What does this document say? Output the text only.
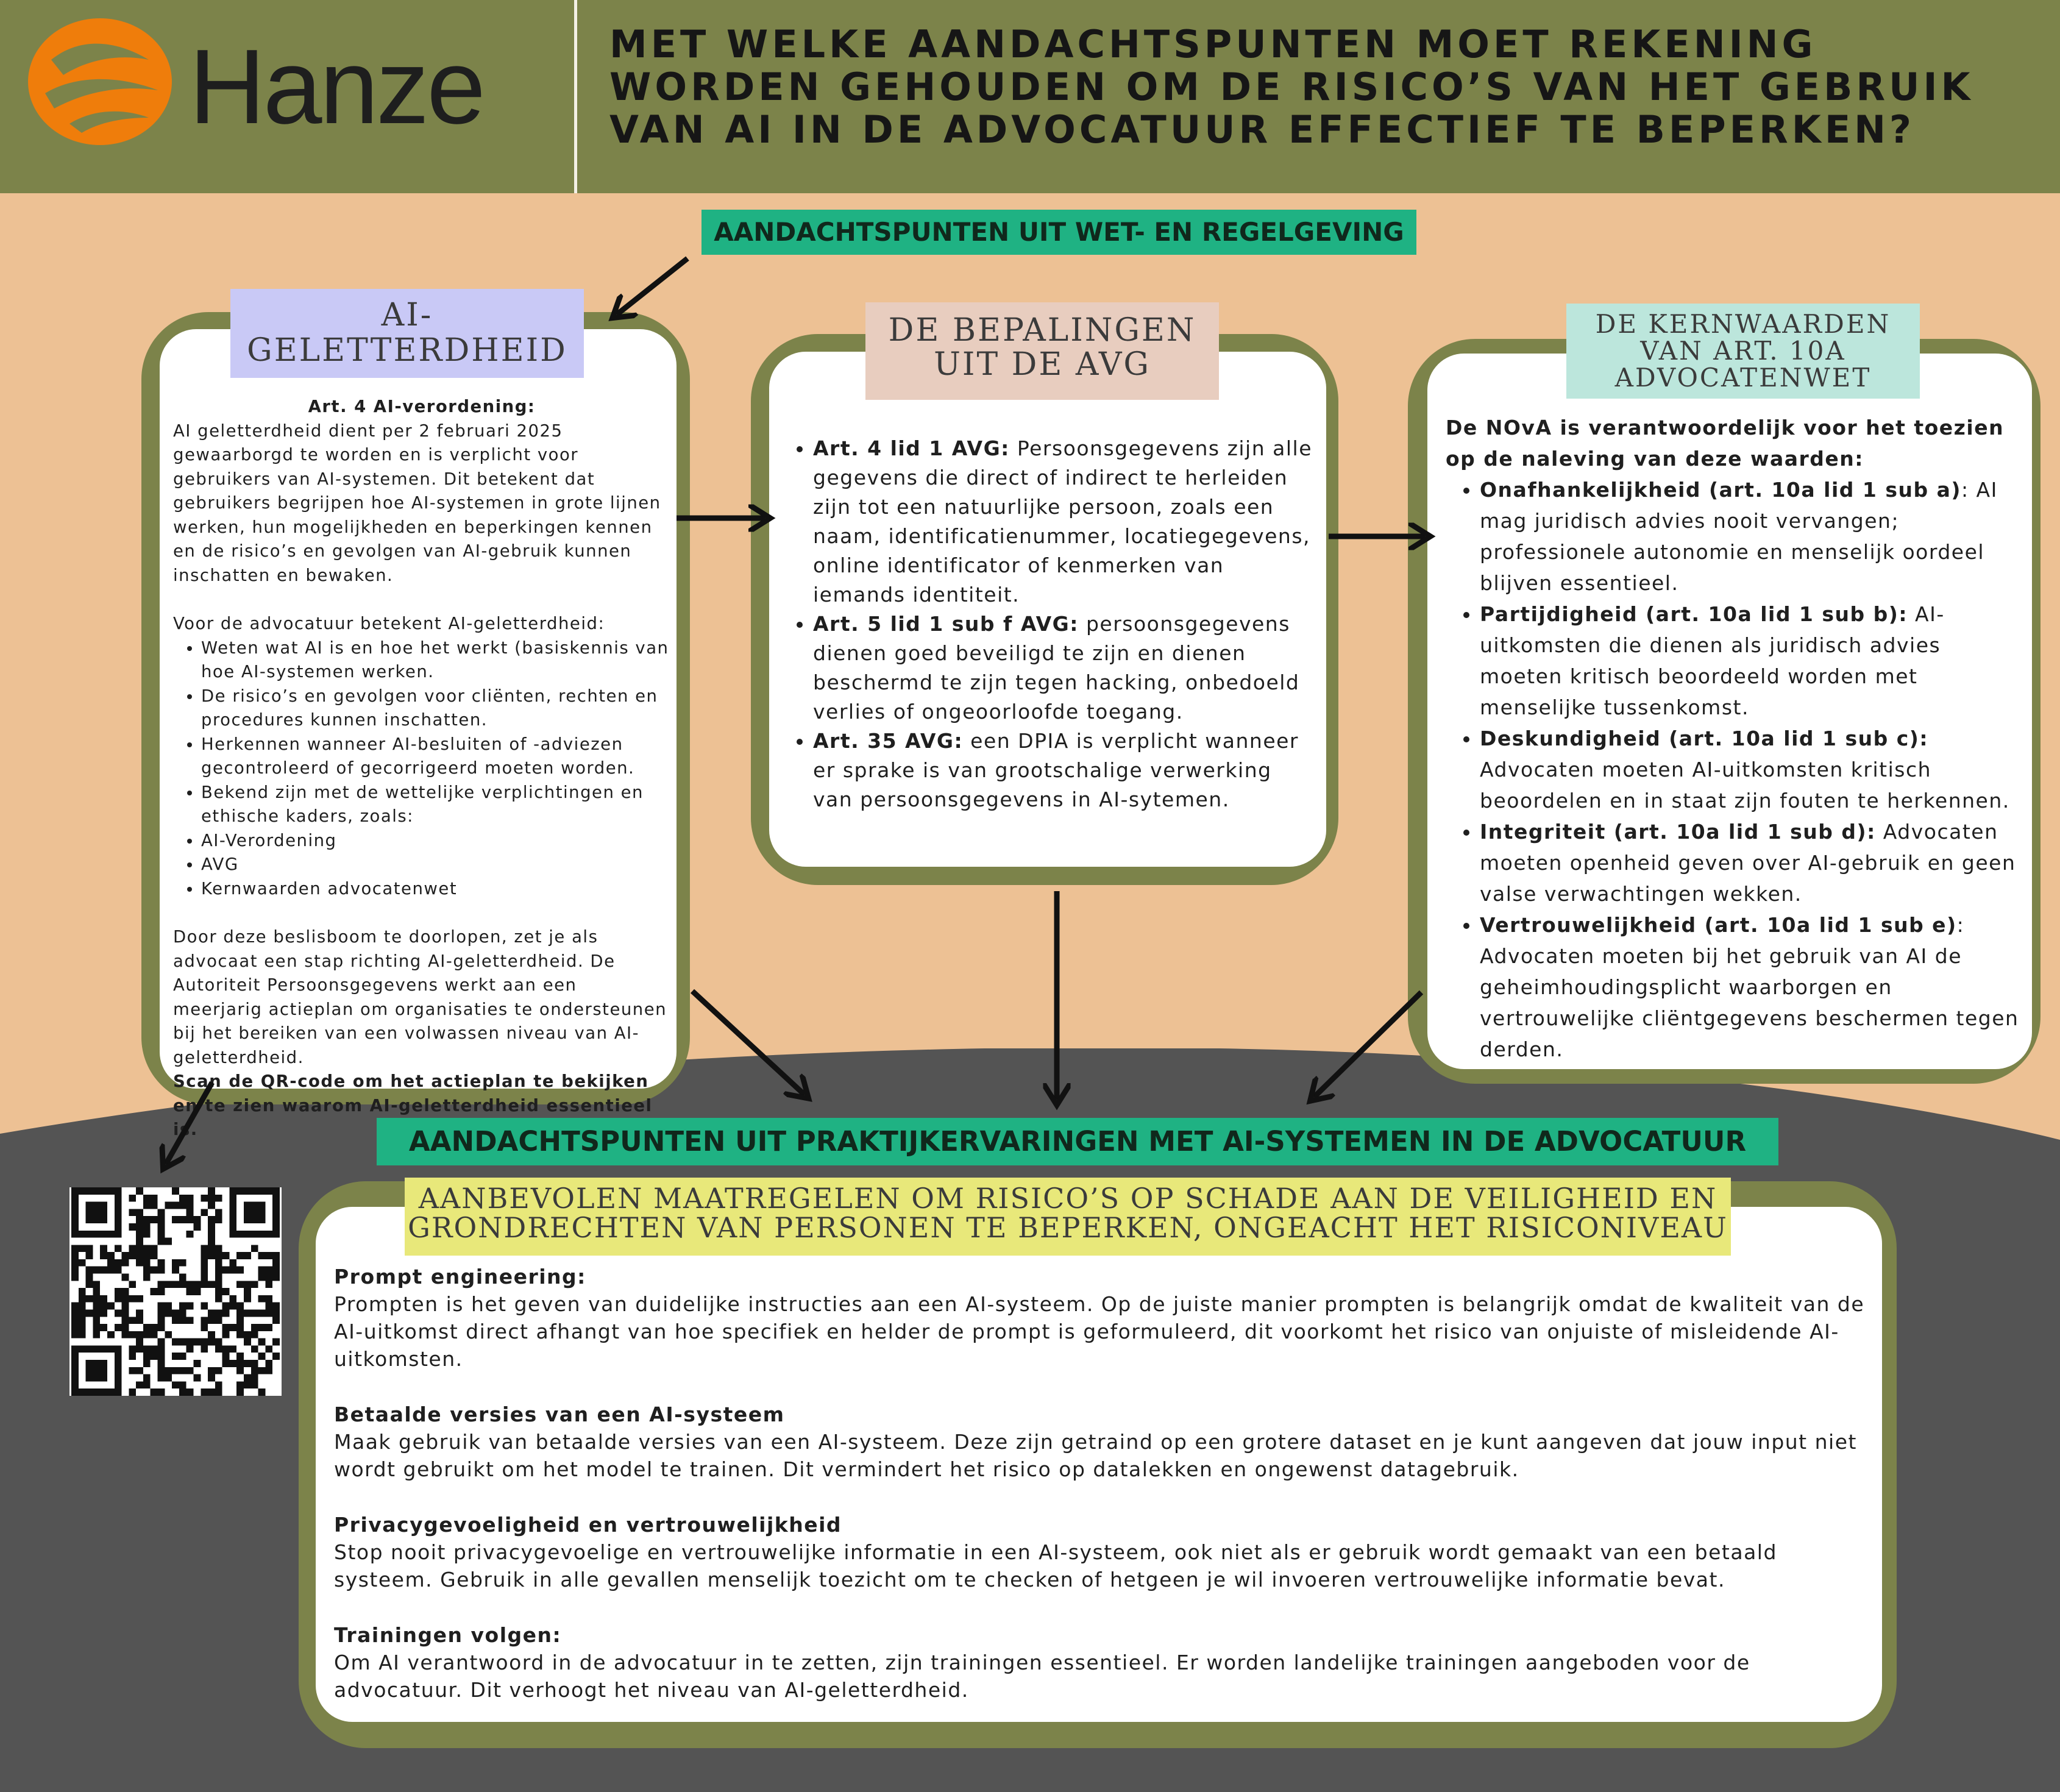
Hanze	MET WELKE AANDACHTSPUNTEN MOET REKENING WORDEN GEHOUDEN OM DE RISICO’S VAN HET GEBRUIK VAN AI IN DE ADVOCATUUR EFFECTIEF TE BEPERKEN?
AANDACHTSPUNTEN UIT WET- EN REGELGEVING
AANDACHTSPUNTEN UIT PRAKTIJKERVARINGEN MET AI-SYSTEMEN IN DE ADVOCATUUR
AI-GELETTERDHEID
Art. 4 AI-verordening:
AI geletterdheid dient per 2 februari 2025 gewaarborgd te worden en is verplicht voor gebruikers van AI-systemen. Dit betekent dat gebruikers begrijpen hoe AI-systemen in grote lijnen werken, hun mogelijkheden en beperkingen kennen en de risico’s en gevolgen van AI-gebruik kunnen inschatten en bewaken.
Voor de advocatuur betekent AI-geletterdheid:
• Weten wat AI is en hoe het werkt (basiskennis van hoe AI-systemen werken.
• De risico’s en gevolgen voor cliënten, rechten en procedures kunnen inschatten.
• Herkennen wanneer AI-besluiten of -adviezen gecontroleerd of gecorrigeerd moeten worden.
• Bekend zijn met de wettelijke verplichtingen en ethische kaders, zoals:
• AI-Verordening
• AVG
• Kernwaarden advocatenwet
Door deze beslisboom te doorlopen, zet je als advocaat een stap richting AI-geletterdheid. De Autoriteit Persoonsgegevens werkt aan een meerjarig actieplan om organisaties te ondersteunen bij het bereiken van een volwassen niveau van AI-geletterdheid.
Scan de QR-code om het actieplan te bekijken en te zien waarom AI-geletterdheid essentieel is.
DE BEPALINGEN UIT DE AVG
• Art. 4 lid 1 AVG: Persoonsgegevens zijn alle gegevens die direct of indirect te herleiden zijn tot een natuurlijke persoon, zoals een naam, identificatienummer, locatiegegevens, online identificator of kenmerken van iemands identiteit.
• Art. 5 lid 1 sub f AVG: persoonsgegevens dienen goed beveiligd te zijn en dienen beschermd te zijn tegen hacking, onbedoeld verlies of ongeoorloofde toegang.
• Art. 35 AVG: een DPIA is verplicht wanneer er sprake is van grootschalige verwerking van persoonsgegevens in AI-sytemen.
DE KERNWAARDEN VAN ART. 10A ADVOCATENWET
De NOvA is verantwoordelijk voor het toezien op de naleving van deze waarden:
• Onafhankelijkheid (art. 10a lid 1 sub a): AI mag juridisch advies nooit vervangen; professionele autonomie en menselijk oordeel blijven essentieel.
• Partijdigheid (art. 10a lid 1 sub b): AI-uitkomsten die dienen als juridisch advies moeten kritisch beoordeeld worden met menselijke tussenkomst.
• Deskundigheid (art. 10a lid 1 sub c): Advocaten moeten AI-uitkomsten kritisch beoordelen en in staat zijn fouten te herkennen.
• Integriteit (art. 10a lid 1 sub d): Advocaten moeten openheid geven over AI-gebruik en geen valse verwachtingen wekken.
• Vertrouwelijkheid (art. 10a lid 1 sub e): Advocaten moeten bij het gebruik van AI de geheimhoudingsplicht waarborgen en vertrouwelijke cliëntgegevens beschermen tegen derden.
AANBEVOLEN MAATREGELEN OM RISICO’S OP SCHADE AAN DE VEILIGHEID EN GRONDRECHTEN VAN PERSONEN TE BEPERKEN, ONGEACHT HET RISICONIVEAU
Prompt engineering:
Prompten is het geven van duidelijke instructies aan een AI-systeem. Op de juiste manier prompten is belangrijk omdat de kwaliteit van de AI-uitkomst direct afhangt van hoe specifiek en helder de prompt is geformuleerd, dit voorkomt het risico van onjuiste of misleidende AI-uitkomsten.
Betaalde versies van een AI-systeem
Maak gebruik van betaalde versies van een AI-systeem. Deze zijn getraind op een grotere dataset en je kunt aangeven dat jouw input niet wordt gebruikt om het model te trainen. Dit vermindert het risico op datalekken en ongewenst datagebruik.
Privacygevoeligheid en vertrouwelijkheid
Stop nooit privacygevoelige en vertrouwelijke informatie in een AI-systeem, ook niet als er gebruik wordt gemaakt van een betaald systeem. Gebruik in alle gevallen menselijk toezicht om te checken of hetgeen je wil invoeren vertrouwelijke informatie bevat.
Trainingen volgen:
Om AI verantwoord in de advocatuur in te zetten, zijn trainingen essentieel. Er worden landelijke trainingen aangeboden voor de advocatuur. Dit verhoogt het niveau van AI-geletterdheid.
